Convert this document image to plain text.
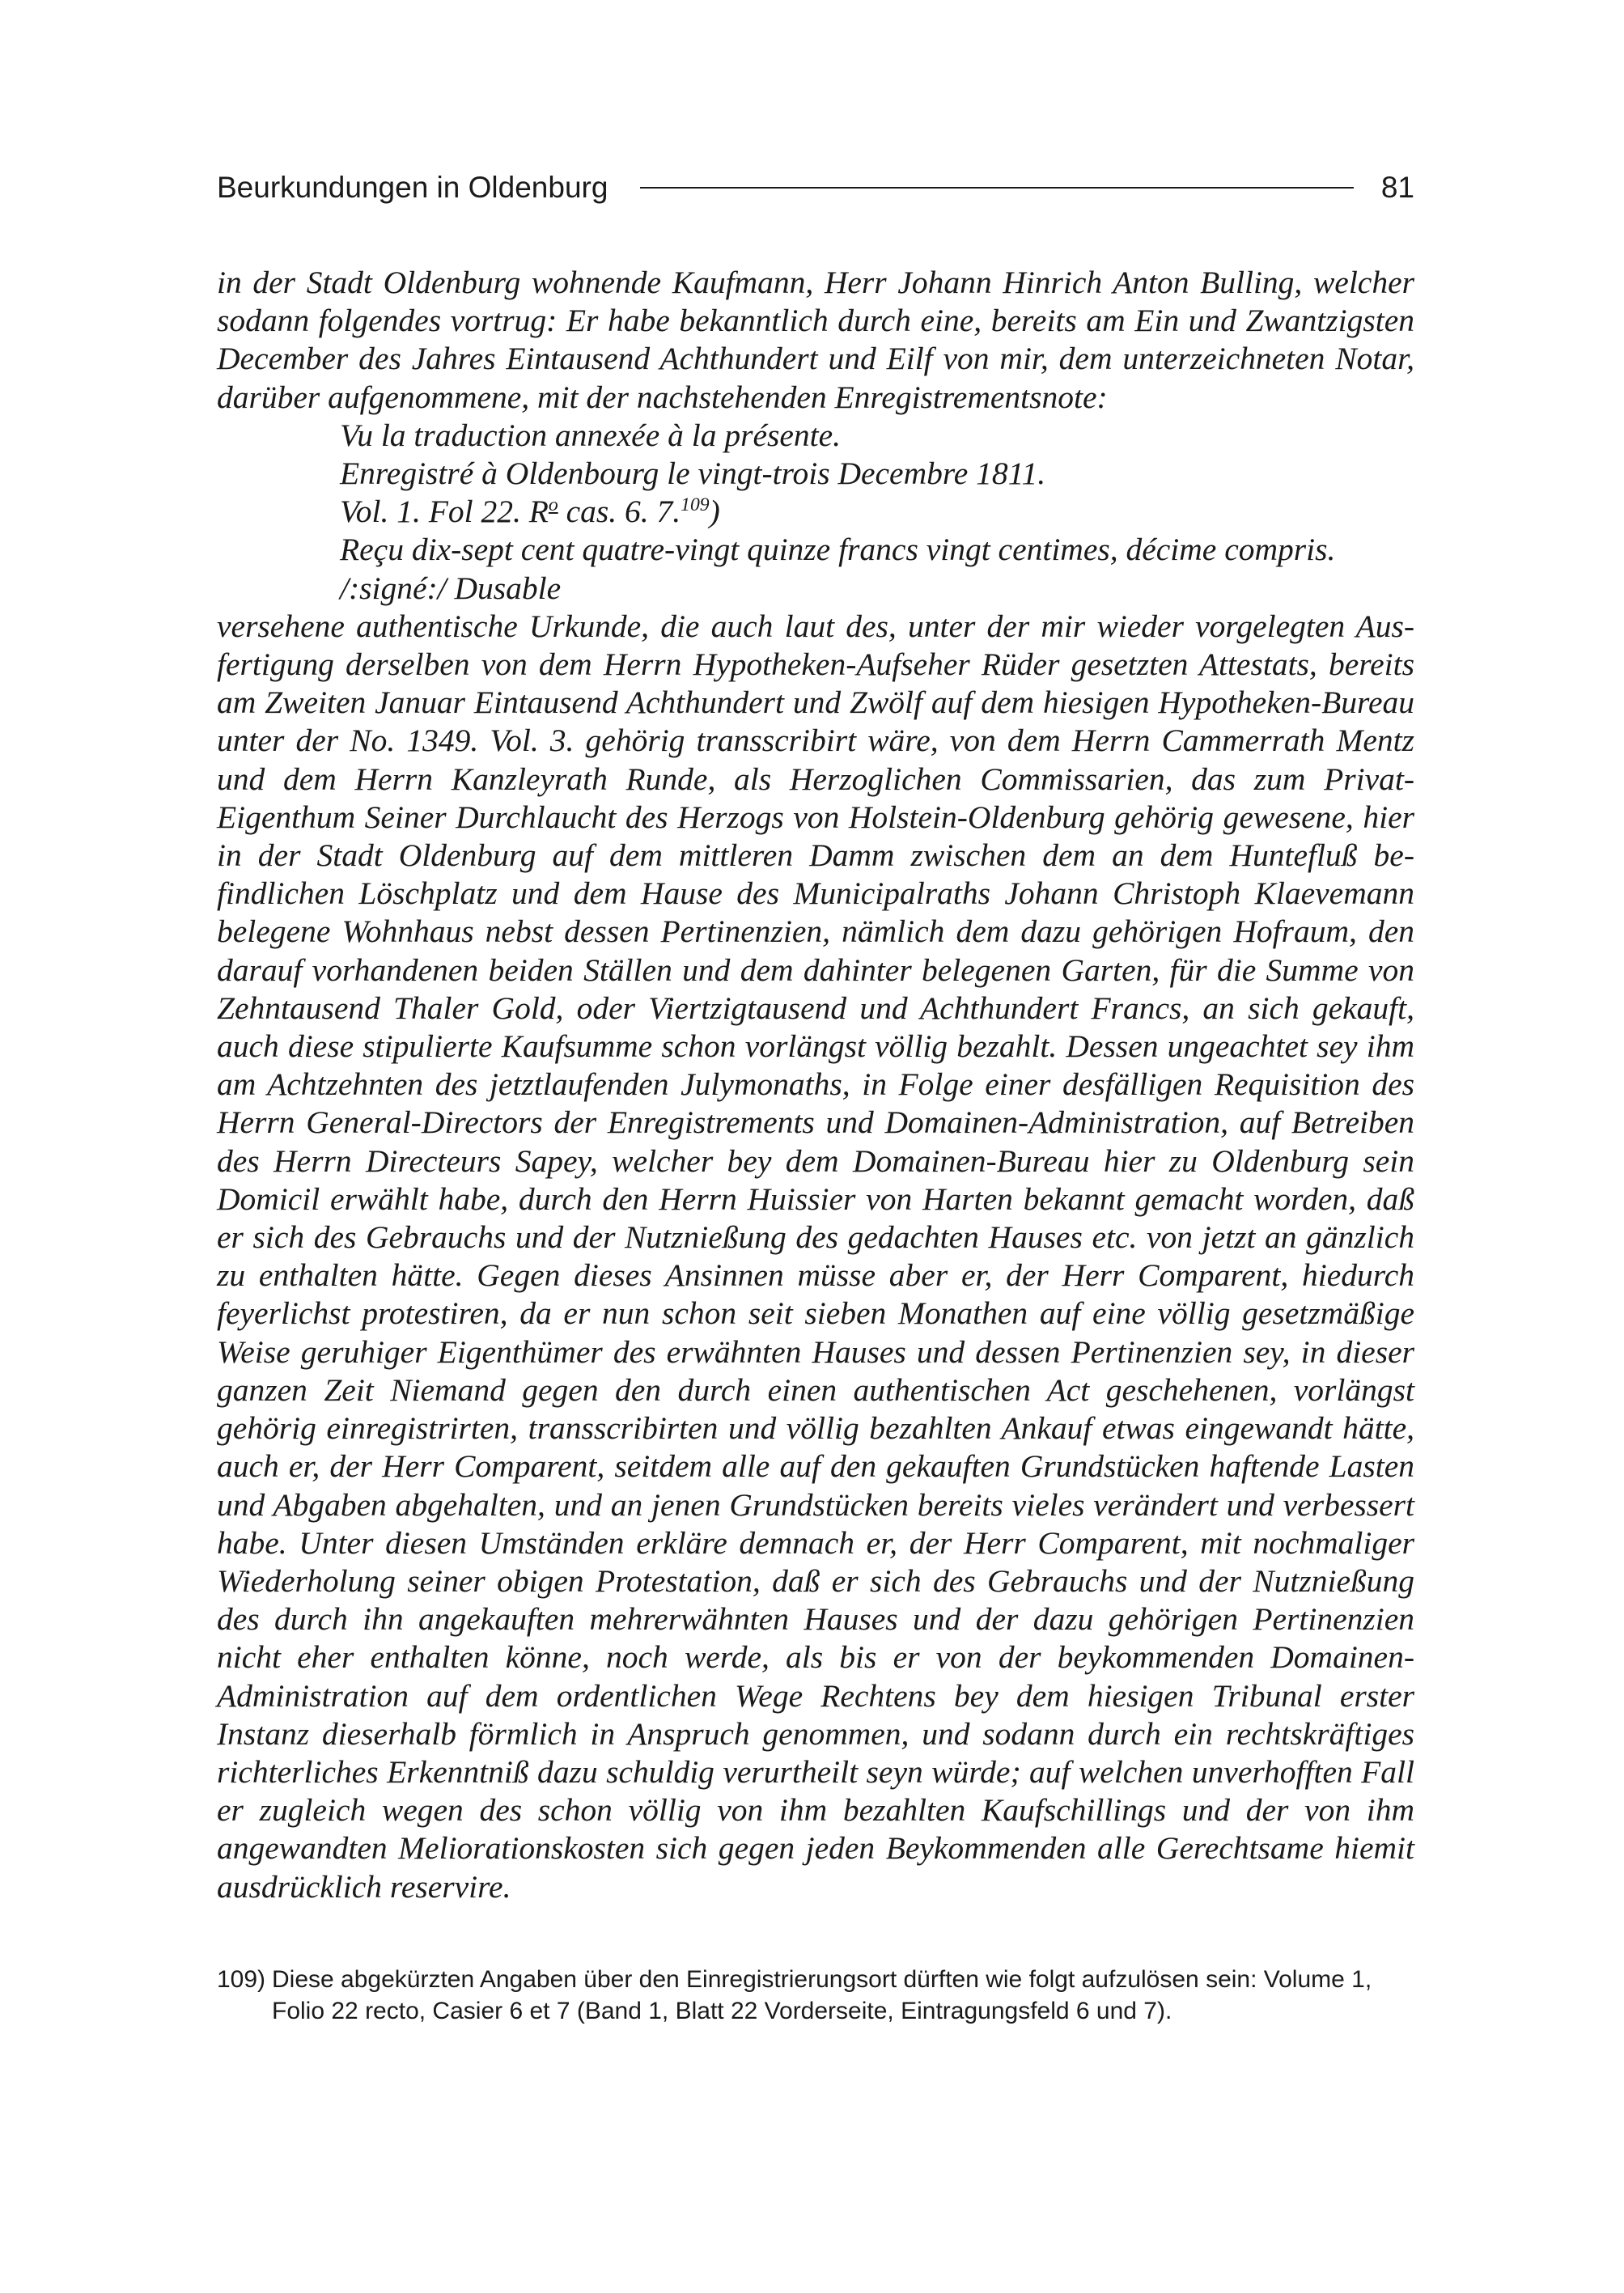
Beurkundungen in Oldenburg	81

in der Stadt Oldenburg wohnende Kaufmann, Herr Johann Hinrich Anton Bulling, welcher sodann folgendes vortrug: Er habe bekanntlich durch eine, bereits am Ein und Zwantzigsten December des Jahres Eintausend Achthundert und Eilf von mir, dem unterzeichneten Notar, darüber aufgenommene, mit der nachstehenden Enregistrementsnote:

Vu la traduction annexée à la présente.
Enregistré à Oldenbourg le vingt-trois Decembre 1811.
Vol. 1. Fol 22. $R^o$ cas. 6. 7.$^{109}$)
Reçu dix-sept cent quatre-vingt quinze francs vingt centimes, décime compris.
/:signé:/ Dusable

versehene authentische Urkunde, die auch laut des, unter der mir wieder vorgelegten Ausfertigung derselben von dem Herrn Hypotheken-Aufseher Rüder gesetzten Attestats, bereits am Zweiten Januar Eintausend Achthundert und Zwölf auf dem hiesigen Hypotheken-Bureau unter der No. 1349. Vol. 3. gehörig transscribirt wäre, von dem Herrn Cammerrath Mentz und dem Herrn Kanzleyrath Runde, als Herzoglichen Commissarien, das zum Privat-Eigenthum Seiner Durchlaucht des Herzogs von Holstein-Oldenburg gehörig gewesene, hier in der Stadt Oldenburg auf dem mittleren Damm zwischen dem an dem Huntefluß befindlichen Löschplatz und dem Hause des Municipalraths Johann Christoph Klaevemann belegene Wohnhaus nebst dessen Pertinenzien, nämlich dem dazu gehörigen Hofraum, den darauf vorhandenen beiden Ställen und dem dahinter belegenen Garten, für die Summe von Zehntausend Thaler Gold, oder Viertzigtausend und Achthundert Francs, an sich gekauft, auch diese stipulierte Kaufsumme schon vorlängst völlig bezahlt. Dessen ungeachtet sey ihm am Achtzehnten des jetztlaufenden Julymonaths, in Folge einer desfälligen Requisition des Herrn General-Directors der Enregistrements und Domainen-Administration, auf Betreiben des Herrn Directeurs Sapey, welcher bey dem Domainen-Bureau hier zu Oldenburg sein Domicil erwählt habe, durch den Herrn Huissier von Harten bekannt gemacht worden, daß er sich des Gebrauchs und der Nutznießung des gedachten Hauses etc. von jetzt an gänzlich zu enthalten hätte. Gegen dieses Ansinnen müsse aber er, der Herr Comparent, hiedurch feyerlichst protestiren, da er nun schon seit sieben Monathen auf eine völlig gesetzmäßige Weise geruhiger Eigenthümer des erwähnten Hauses und dessen Pertinenzien sey, in dieser ganzen Zeit Niemand gegen den durch einen authentischen Act geschehenen, vorlängst gehörig einregistrirten, transscribirten und völlig bezahlten Ankauf etwas eingewandt hätte, auch er, der Herr Comparent, seitdem alle auf den gekauften Grundstücken haftende Lasten und Abgaben abgehalten, und an jenen Grundstücken bereits vieles verändert und verbessert habe. Unter diesen Umständen erkläre demnach er, der Herr Comparent, mit nochmaliger Wiederholung seiner obigen Protestation, daß er sich des Gebrauchs und der Nutznießung des durch ihn angekauften mehrerwähnten Hauses und der dazu gehörigen Pertinenzien nicht eher enthalten könne, noch werde, als bis er von der beykommenden Domainen-Administration auf dem ordentlichen Wege Rechtens bey dem hiesigen Tribunal erster Instanz dieserhalb förmlich in Anspruch genommen, und sodann durch ein rechtskräftiges richterliches Erkenntniß dazu schuldig verurtheilt seyn würde; auf welchen unverhofften Fall er zugleich wegen des schon völlig von ihm bezahlten Kaufschillings und der von ihm angewandten Meliorationskosten sich gegen jeden Beykommenden alle Gerechtsame hiemit ausdrücklich reservire.

109) Diese abgekürzten Angaben über den Einregistrierungsort dürften wie folgt aufzulösen sein: Volume 1, Folio 22 recto, Casier 6 et 7 (Band 1, Blatt 22 Vorderseite, Eintragungsfeld 6 und 7).
